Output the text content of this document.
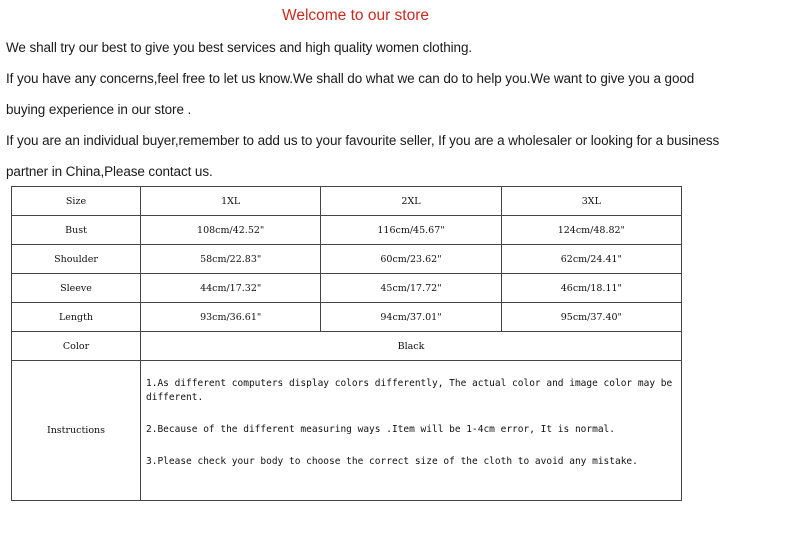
Welcome to our store
We shall try our best to give you best services and high quality women clothing.
If you have any concerns,feel free to let us know.We shall do what we can do to help you.We want to give you a good
buying experience in our store .
If you are an individual buyer,remember to add us to your favourite seller, If you are a wholesaler or looking for a business
partner in China,Please contact us.
Size	1XL	2XL	3XL
Bust	108cm/42.52"	116cm/45.67"	124cm/48.82"
Shoulder	58cm/22.83"	60cm/23.62"	62cm/24.41"
Sleeve	44cm/17.32"	45cm/17.72"	46cm/18.11"
Length	93cm/36.61"	94cm/37.01"	95cm/37.40"
Color	Black		
Instructions	1.As different computers display colors differently, The actual color and image color may be different.

2.Because of the different measuring ways .Item will be 1-4cm error, It is normal.

3.Please check your body to choose the correct size of the cloth to avoid any mistake.		
